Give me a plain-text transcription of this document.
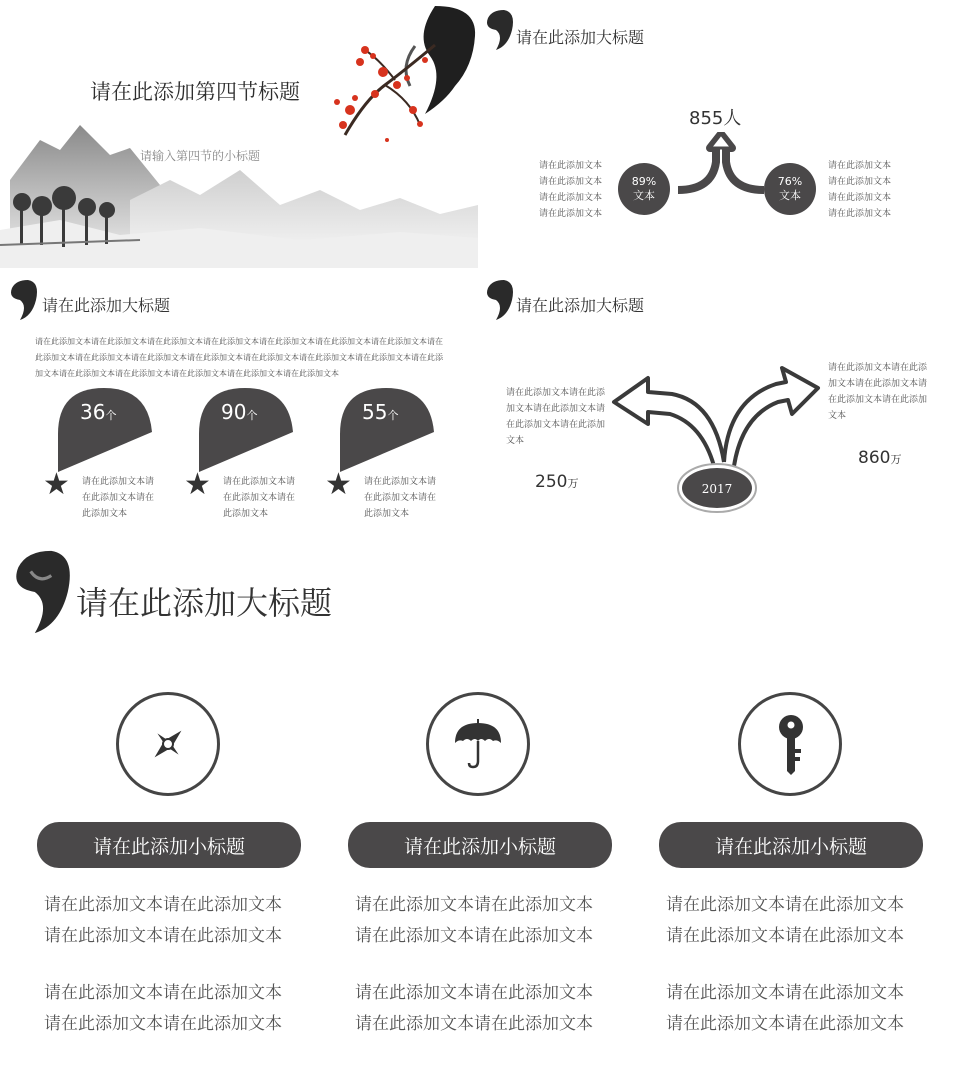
请在此添加第四节标题
请输入第四节的小标题
请在此添加大标题
855人
89%
文本
76%
文本
请在此添加文本
请在此添加文本
请在此添加文本
请在此添加文本
请在此添加文本
请在此添加文本
请在此添加文本
请在此添加文本
请在此添加大标题
请在此添加文本请在此添加文本请在此添加文本请在此添加文本请在此添加文本请在此添加文本请在此添加文本请在此添加文本请在此添加文本请在此添加文本请在此添加文本请在此添加文本请在此添加文本请在此添加文本请在此添加文本请在此添加文本请在此添加文本请在此添加文本请在此添加文本请在此添加文本
36个
★ 请在此添加文本请在此添加文本请在此添加文本
90个
★ 请在此添加文本请在此添加文本请在此添加文本
55个
★ 请在此添加文本请在此添加文本请在此添加文本
请在此添加大标题
2017
请在此添加文本请在此添加文本请在此添加文本请在此添加文本请在此添加文本
请在此添加文本请在此添加文本请在此添加文本请在此添加文本请在此添加文本
250万
860万
请在此添加大标题
请在此添加小标题
请在此添加文本请在此添加文本
请在此添加文本请在此添加文本
请在此添加文本请在此添加文本
请在此添加文本请在此添加文本
请在此添加小标题
请在此添加文本请在此添加文本
请在此添加文本请在此添加文本
请在此添加文本请在此添加文本
请在此添加文本请在此添加文本
请在此添加小标题
请在此添加文本请在此添加文本
请在此添加文本请在此添加文本
请在此添加文本请在此添加文本
请在此添加文本请在此添加文本
